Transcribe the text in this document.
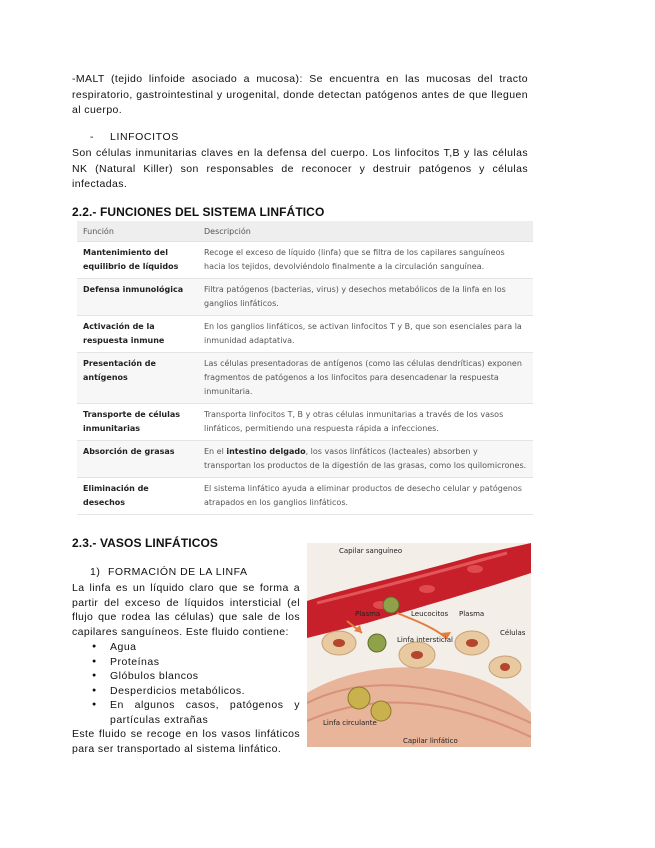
-MALT (tejido linfoide asociado a mucosa): Se encuentra en las mucosas del tracto respiratorio, gastrointestinal y urogenital, donde detectan patógenos antes de que lleguen al cuerpo.

- LINFOCITOS

Son células inmunitarias claves en la defensa del cuerpo. Los linfocitos T,B y las células NK (Natural Killer) son responsables de reconocer y destruir patógenos y células infectadas.

2.2.- FUNCIONES DEL SISTEMA LINFÁTICO
Función	Descripción
Mantenimiento del equilibrio de líquidos	Recoge el exceso de líquido (linfa) que se filtra de los capilares sanguíneos hacia los tejidos, devolviéndolo finalmente a la circulación sanguínea.
Defensa inmunológica	Filtra patógenos (bacterias, virus) y desechos metabólicos de la linfa en los ganglios linfáticos.
Activación de la respuesta inmune	En los ganglios linfáticos, se activan linfocitos T y B, que son esenciales para la inmunidad adaptativa.
Presentación de antígenos	Las células presentadoras de antígenos (como las células dendríticas) exponen fragmentos de patógenos a los linfocitos para desencadenar la respuesta inmunitaria.
Transporte de células inmunitarias	Transporta linfocitos T, B y otras células inmunitarias a través de los vasos linfáticos, permitiendo una respuesta rápida a infecciones.
Absorción de grasas	En el intestino delgado, los vasos linfáticos (lacteales) absorben y transportan los productos de la digestión de las grasas, como los quilomicrones.
Eliminación de desechos	El sistema linfático ayuda a eliminar productos de desecho celular y patógenos atrapados en los ganglios linfáticos.
2.3.- VASOS LINFÁTICOS
1) FORMACIÓN DE LA LINFA

La linfa es un líquido claro que se forma a partir del exceso de líquidos intersticial (el flujo que rodea las células) que sale de los capilares sanguíneos. Este fluido contiene:

● Agua
● Proteínas
● Glóbulos blancos
● Desperdicios metabólicos.
● En algunos casos, patógenos y partículas extrañas

Este fluido se recoge en los vasos linfáticos para ser transportado al sistema linfático.

Capilar sanguíneo
Plasma	Leucocitos Plasma
Linfa intersticial
Células
Linfa circulante
Capilar linfático
